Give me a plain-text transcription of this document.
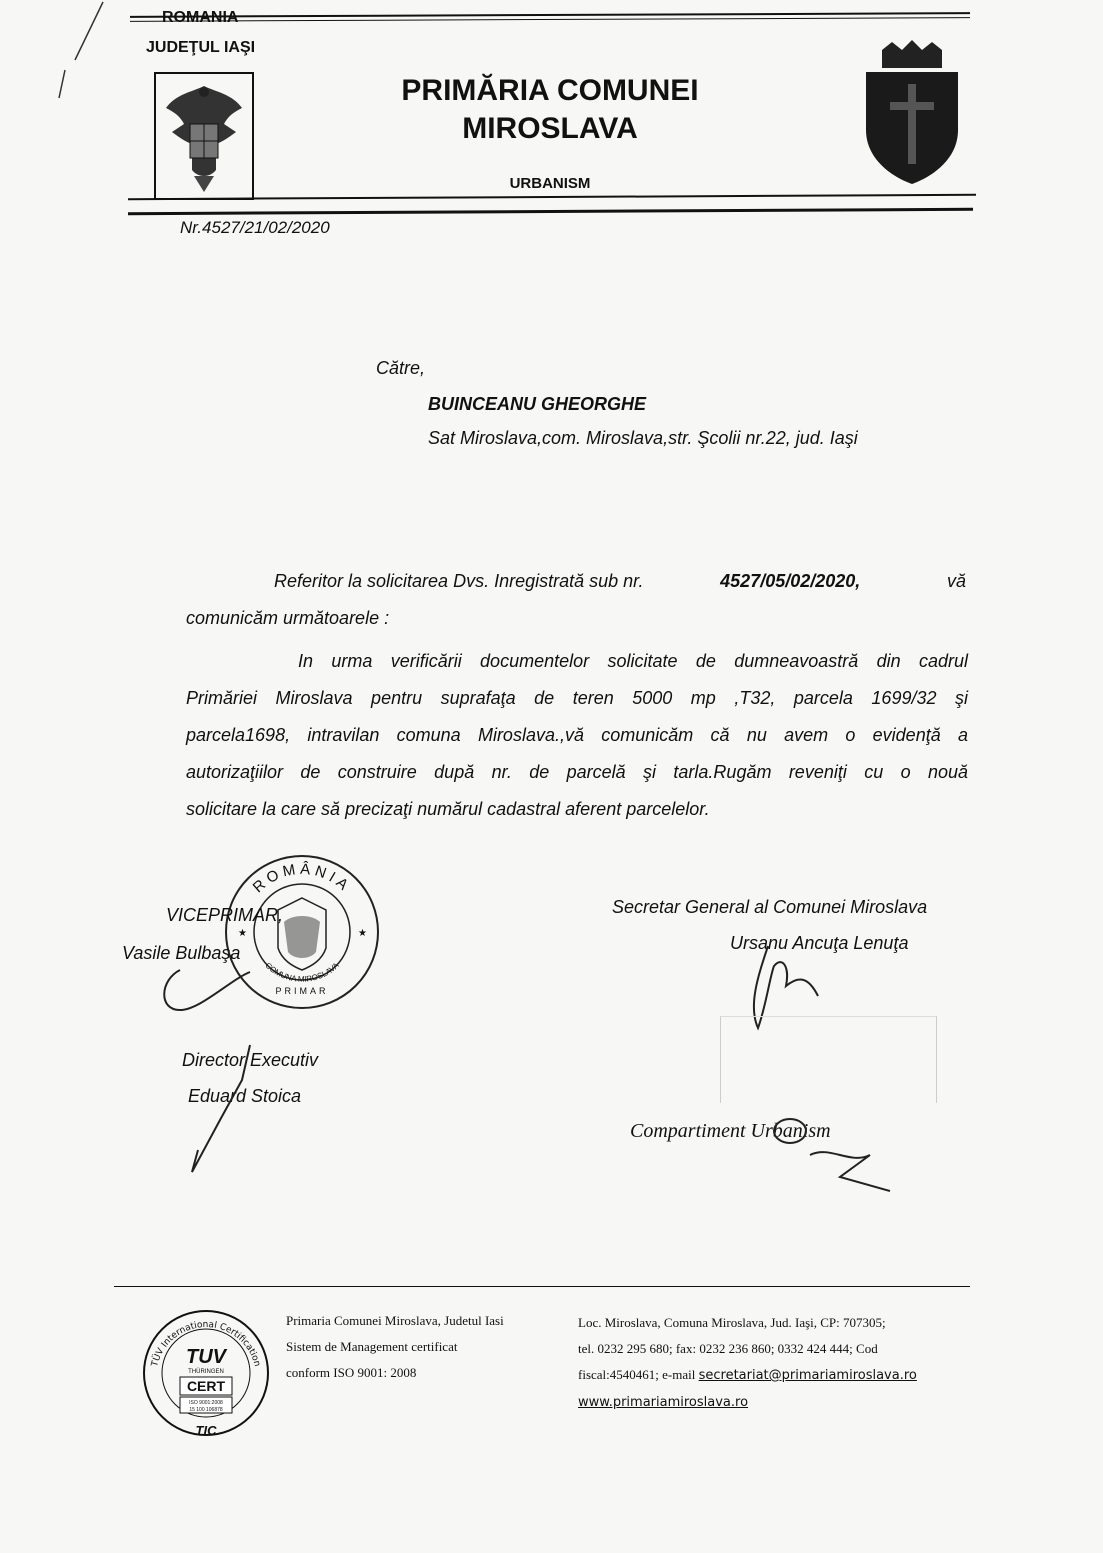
ROMANIA
JUDEŢUL IAŞI
PRIMĂRIA COMUNEI
MIROSLAVA
URBANISM
Nr.4527/21/02/2020
Către,
BUINCEANU GHEORGHE
Sat Miroslava,com. Miroslava,str. Şcolii nr.22, jud. Iaşi
Referitor la solicitarea Dvs. Inregistrată sub nr.	4527/05/02/2020,	vă
comunicăm următoarele :
In urma verificării documentelor solicitate de dumneavoastră din cadrul
Primăriei Miroslava pentru suprafaţa de teren 5000 mp ,T32, parcela 1699/32 şi
parcela1698, intravilan comuna Miroslava.,vă comunicăm că nu avem o evidenţă a
autorizaţiilor de construire după nr. de parcelă şi tarla.Rugăm reveniţi cu o nouă
solicitare la care să precizaţi numărul cadastral aferent parcelelor.
ROMÂNIA
COMUNA MIROSLAVA
PRIMAR
★	★
VICEPRIMAR,
Vasile Bulbaşa
Director Executiv
Eduard Stoica
Secretar General al Comunei Miroslava
Ursanu Ancuţa Lenuţa
Compartiment Urbanism
TÜV International Certification
TUV
THÜRINGEN
CERT
ISO 9001:2008
15 100 106878
TIC
Primaria Comunei Miroslava, Judetul Iasi
Sistem de Management certificat
conform ISO 9001: 2008
Loc. Miroslava, Comuna Miroslava, Jud. Iaşi, CP: 707305;
tel. 0232 295 680; fax: 0232 236 860; 0332 424 444; Cod
fiscal:4540461; e-mail secretariat@primariamiroslava.ro
www.primariamiroslava.ro
